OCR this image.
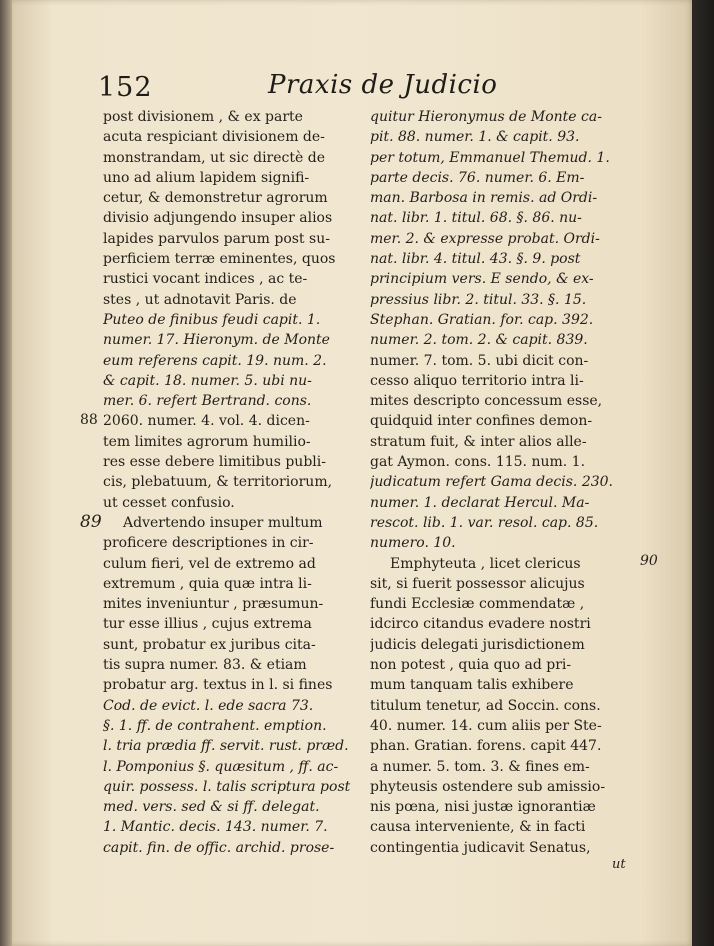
152	Praxis de Judicio
post divisionem , & ex parte
acuta respiciant divisionem de-
monstrandam, ut sic directè de
uno ad alium lapidem signifi-
cetur, & demonstretur agrorum
divisio adjungendo insuper alios
lapides parvulos parum post su-
perficiem terræ eminentes, quos
rustici vocant indices , ac te-
stes , ut adnotavit Paris. de
Puteo de finibus feudi capit. 1.
numer. 17. Hieronym. de Monte
eum referens capit. 19. num. 2.
& capit. 18. numer. 5. ubi nu-
mer. 6. refert Bertrand. cons.
2060. numer. 4. vol. 4. dicen-
tem limites agrorum humilio-
res esse debere limitibus publi-
cis, plebatuum, & territoriorum,
ut cesset confusio.
Advertendo insuper multum
proficere descriptiones in cir-
culum fieri, vel de extremo ad
extremum , quia quæ intra li-
mites inveniuntur , præsumun-
tur esse illius , cujus extrema
sunt, probatur ex juribus cita-
tis supra numer. 83. & etiam
probatur arg. textus in l. si fines
Cod. de evict. l. ede sacra 73.
§. 1. ff. de contrahent. emption.
l. tria prædia ff. servit. rust. præd.
l. Pomponius §. quæsitum , ff. ac-
quir. possess. l. talis scriptura post
med. vers. sed & si ff. delegat.
1. Mantic. decis. 143. numer. 7.
capit. fin. de offic. archid. prose-
quitur Hieronymus de Monte ca-
pit. 88. numer. 1. & capit. 93.
per totum, Emmanuel Themud. 1.
parte decis. 76. numer. 6. Em-
man. Barbosa in remis. ad Ordi-
nat. libr. 1. titul. 68. §. 86. nu-
mer. 2. & expresse probat. Ordi-
nat. libr. 4. titul. 43. §. 9. post
principium vers. E sendo, & ex-
pressius libr. 2. titul. 33. §. 15.
Stephan. Gratian. for. cap. 392.
numer. 2. tom. 2. & capit. 839.
numer. 7. tom. 5. ubi dicit con-
cesso aliquo territorio intra li-
mites descripto concessum esse,
quidquid inter confines demon-
stratum fuit, & inter alios alle-
gat Aymon. cons. 115. num. 1.
judicatum refert Gama decis. 230.
numer. 1. declarat Hercul. Ma-
rescot. lib. 1. var. resol. cap. 85.
numero. 10.
Emphyteuta , licet clericus
sit, si fuerit possessor alicujus
fundi Ecclesiæ commendatæ ,
idcirco citandus evadere nostri
judicis delegati jurisdictionem
non potest , quia quo ad pri-
mum tanquam talis exhibere
titulum tenetur, ad Soccin. cons.
40. numer. 14. cum aliis per Ste-
phan. Gratian. forens. capit 447.
a numer. 5. tom. 3. & fines em-
phyteusis ostendere sub amissio-
nis pœna, nisi justæ ignorantiæ
causa interveniente, & in facti
contingentia judicavit Senatus,
88
89
90
ut
